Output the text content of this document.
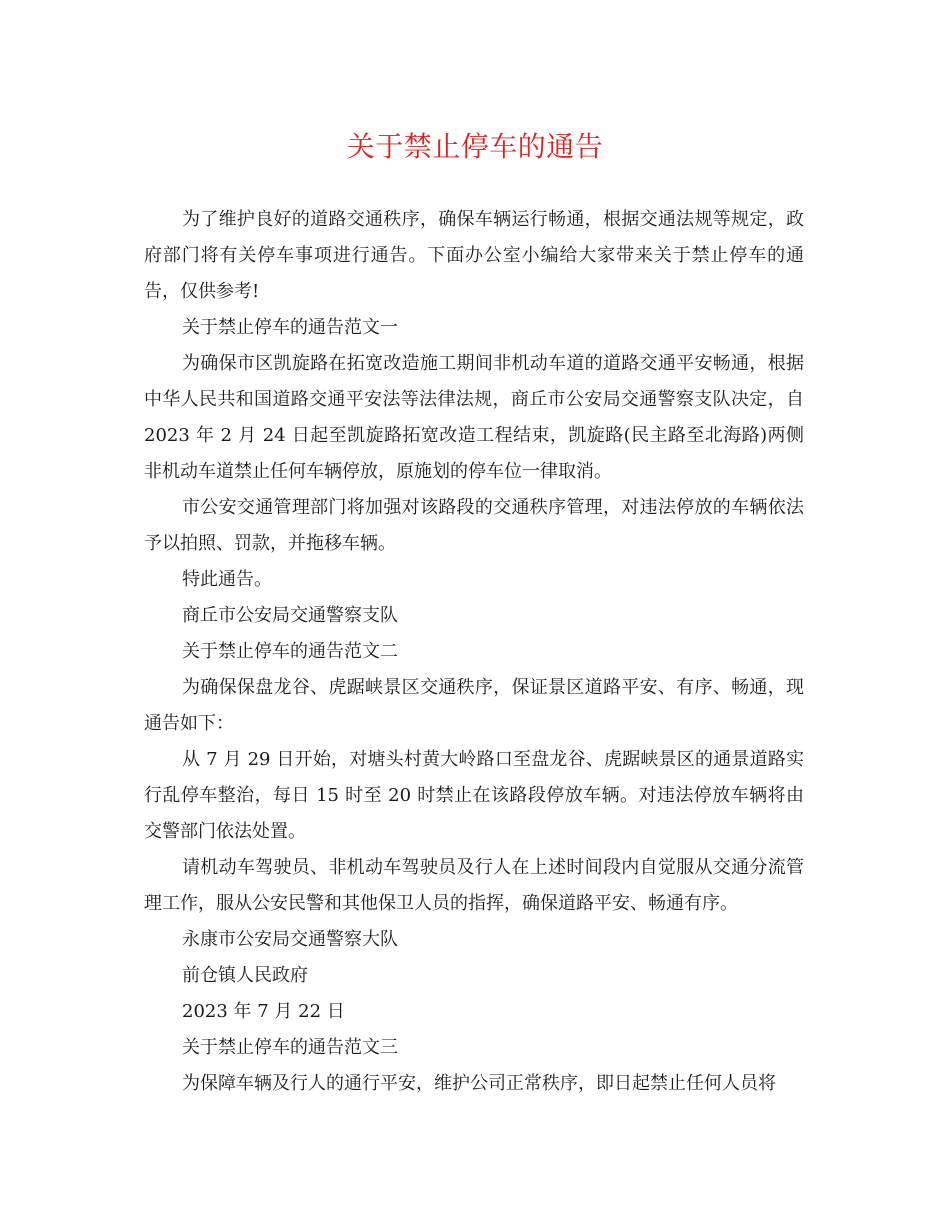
关于禁止停车的通告

为了维护良好的道路交通秩序，确保车辆运行畅通，根据交通法规等规定，政府部门将有关停车事项进行通告。下面办公室小编给大家带来关于禁止停车的通告，仅供参考!

关于禁止停车的通告范文一

为确保市区凯旋路在拓宽改造施工期间非机动车道的道路交通平安畅通，根据中华人民共和国道路交通平安法等法律法规，商丘市公安局交通警察支队决定，自 2023 年 2 月 24 日起至凯旋路拓宽改造工程结束，凯旋路(民主路至北海路)两侧非机动车道禁止任何车辆停放，原施划的停车位一律取消。

市公安交通管理部门将加强对该路段的交通秩序管理，对违法停放的车辆依法予以拍照、罚款，并拖移车辆。

特此通告。

商丘市公安局交通警察支队

关于禁止停车的通告范文二

为确保保盘龙谷、虎踞峡景区交通秩序，保证景区道路平安、有序、畅通，现通告如下：

从 7 月 29 日开始，对塘头村黄大岭路口至盘龙谷、虎踞峡景区的通景道路实行乱停车整治，每日 15 时至 20 时禁止在该路段停放车辆。对违法停放车辆将由交警部门依法处置。

请机动车驾驶员、非机动车驾驶员及行人在上述时间段内自觉服从交通分流管理工作，服从公安民警和其他保卫人员的指挥，确保道路平安、畅通有序。

永康市公安局交通警察大队

前仓镇人民政府

2023 年 7 月 22 日

关于禁止停车的通告范文三

为保障车辆及行人的通行平安，维护公司正常秩序，即日起禁止任何人员将
